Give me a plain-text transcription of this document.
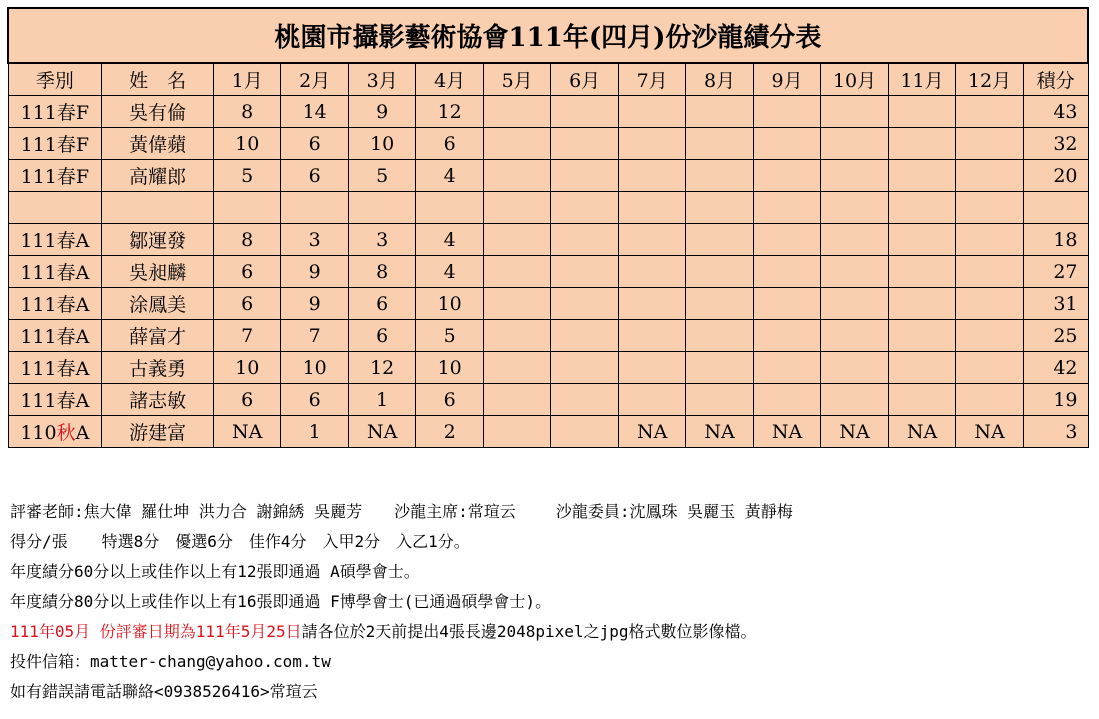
桃園市攝影藝術協會111年(四月)份沙龍績分表														
季別	姓　名	1月	2月	3月	4月	5月	6月	7月	8月	9月	10月	11月	12月	積分
111春F	吳有倫	8	14	9	12									43
111春F	黃偉蘋	10	6	10	6									32
111春F	高耀郎	5	6	5	4									20

111春A	鄒運發	8	3	3	4									18
111春A	吳昶麟	6	9	8	4									27
111春A	涂鳳美	6	9	6	10									31
111春A	薛富才	7	7	6	5									25
111春A	古義勇	10	10	12	10									42
111春A	諸志敏	6	6	1	6									19
110秋A	游建富	NA	1	NA	2			NA	NA	NA	NA	NA	NA	3
評審老師:焦大偉 羅仕坤 洪力合 謝錦綉 吳麗芳 沙龍主席:常瑄云	沙龍委員:沈鳳珠 吳麗玉 黃靜梅
得分/張 特選8分　優選6分　佳作4分　入甲2分　入乙1分。
年度績分60分以上或佳作以上有12張即通過 A碩學會士。
年度績分80分以上或佳作以上有16張即通過 F博學會士(已通過碩學會士)。
111年05月 份評審日期為111年5月25日請各位於2天前提出4張長邊2048pixel之jpg格式數位影像檔。
投件信箱：matter-chang@yahoo.com.tw
如有錯誤請電話聯絡<0938526416>常瑄云
